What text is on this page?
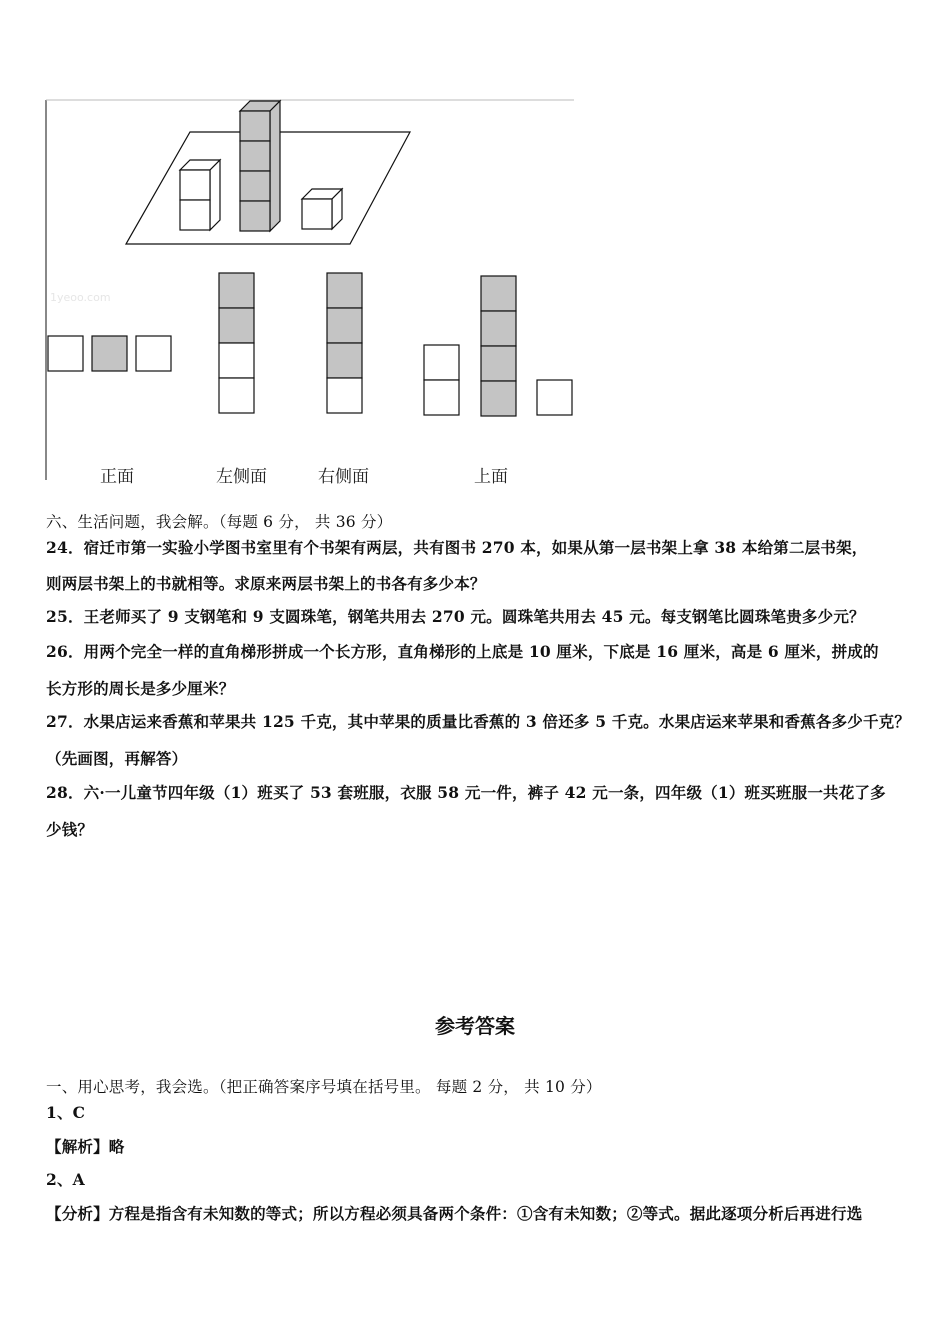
1yeoo.com
正面	左侧面	右侧面	上面
六、生活问题，我会解。（每题 6 分， 共 36 分）
24．宿迁市第一实验小学图书室里有个书架有两层，共有图书 270 本，如果从第一层书架上拿 38 本给第二层书架，
则两层书架上的书就相等。求原来两层书架上的书各有多少本？
25．王老师买了 9 支钢笔和 9 支圆珠笔，钢笔共用去 270 元。圆珠笔共用去 45 元。每支钢笔比圆珠笔贵多少元？
26．用两个完全一样的直角梯形拼成一个长方形，直角梯形的上底是 10 厘米，下底是 16 厘米，高是 6 厘米，拼成的
长方形的周长是多少厘米？
27．水果店运来香蕉和苹果共 125 千克，其中苹果的质量比香蕉的 3 倍还多 5 千克。水果店运来苹果和香蕉各多少千克？
（先画图，再解答）
28．六·一儿童节四年级（1）班买了 53 套班服，衣服 58 元一件，裤子 42 元一条，四年级（1）班买班服一共花了多
少钱？
参考答案
一、用心思考，我会选。（把正确答案序号填在括号里。 每题 2 分， 共 10 分）
1、C
【解析】略
2、A
【分析】方程是指含有未知数的等式；所以方程必须具备两个条件：①含有未知数；②等式。据此逐项分析后再进行选
